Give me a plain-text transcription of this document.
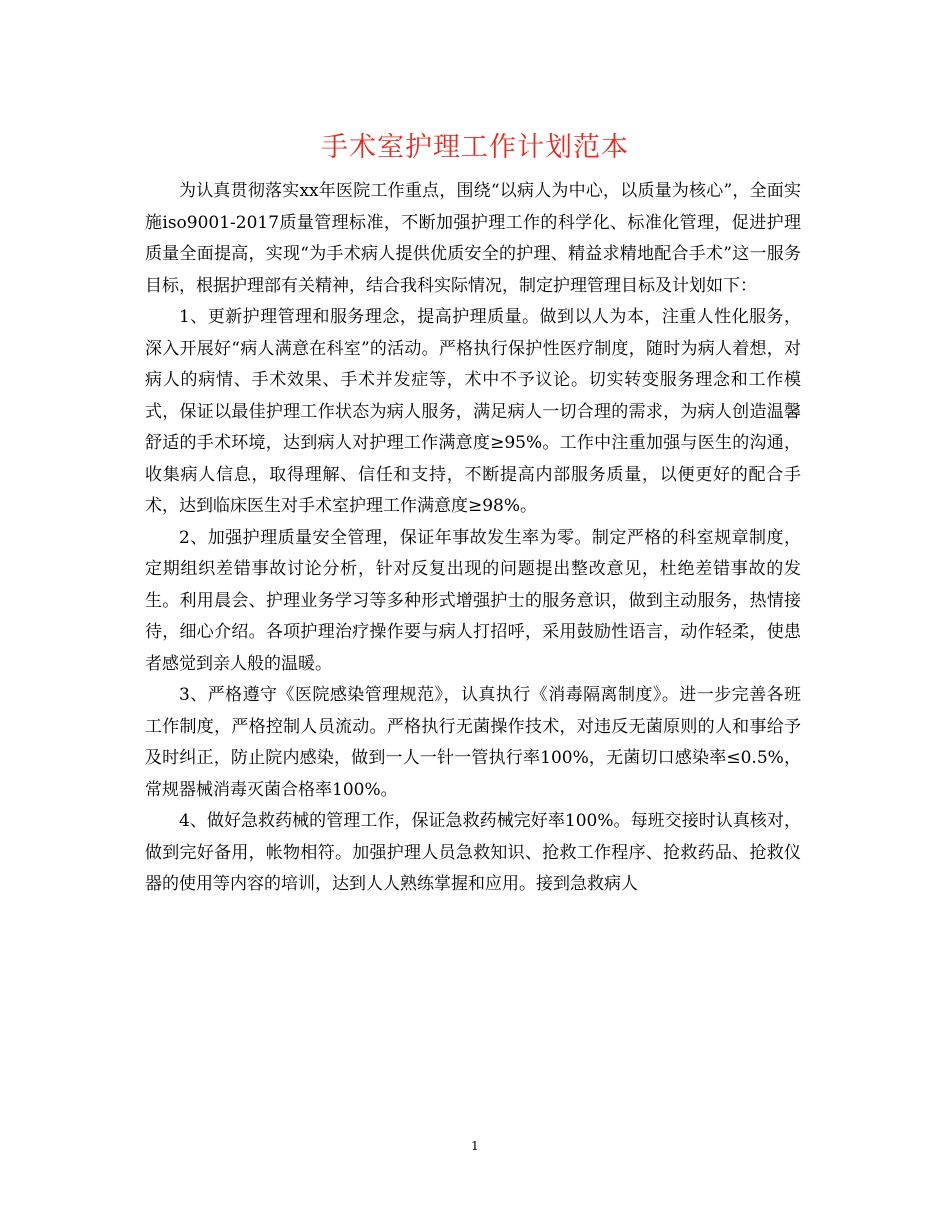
手术室护理工作计划范本

为认真贯彻落实xx年医院工作重点，围绕“以病人为中心，以质量为核心”，全面实施iso9001-2017质量管理标准，不断加强护理工作的科学化、标准化管理，促进护理质量全面提高，实现“为手术病人提供优质安全的护理、精益求精地配合手术”这一服务目标，根据护理部有关精神，结合我科实际情况，制定护理管理目标及计划如下：

1、更新护理管理和服务理念，提高护理质量。做到以人为本，注重人性化服务，深入开展好“病人满意在科室”的活动。严格执行保护性医疗制度，随时为病人着想，对病人的病情、手术效果、手术并发症等，术中不予议论。切实转变服务理念和工作模式，保证以最佳护理工作状态为病人服务，满足病人一切合理的需求，为病人创造温馨舒适的手术环境，达到病人对护理工作满意度≥95%。工作中注重加强与医生的沟通，收集病人信息，取得理解、信任和支持，不断提高内部服务质量，以便更好的配合手术，达到临床医生对手术室护理工作满意度≥98%。

2、加强护理质量安全管理，保证年事故发生率为零。制定严格的科室规章制度，定期组织差错事故讨论分析，针对反复出现的问题提出整改意见，杜绝差错事故的发生。利用晨会、护理业务学习等多种形式增强护士的服务意识，做到主动服务，热情接待，细心介绍。各项护理治疗操作要与病人打招呼，采用鼓励性语言，动作轻柔，使患者感觉到亲人般的温暖。

3、严格遵守《医院感染管理规范》，认真执行《消毒隔离制度》。进一步完善各班工作制度，严格控制人员流动。严格执行无菌操作技术，对违反无菌原则的人和事给予及时纠正，防止院内感染，做到一人一针一管执行率100%，无菌切口感染率≤0.5%，常规器械消毒灭菌合格率100%。

4、做好急救药械的管理工作，保证急救药械完好率100%。每班交接时认真核对，做到完好备用，帐物相符。加强护理人员急救知识、抢救工作程序、抢救药品、抢救仪器的使用等内容的培训，达到人人熟练掌握和应用。接到急救病人

1
